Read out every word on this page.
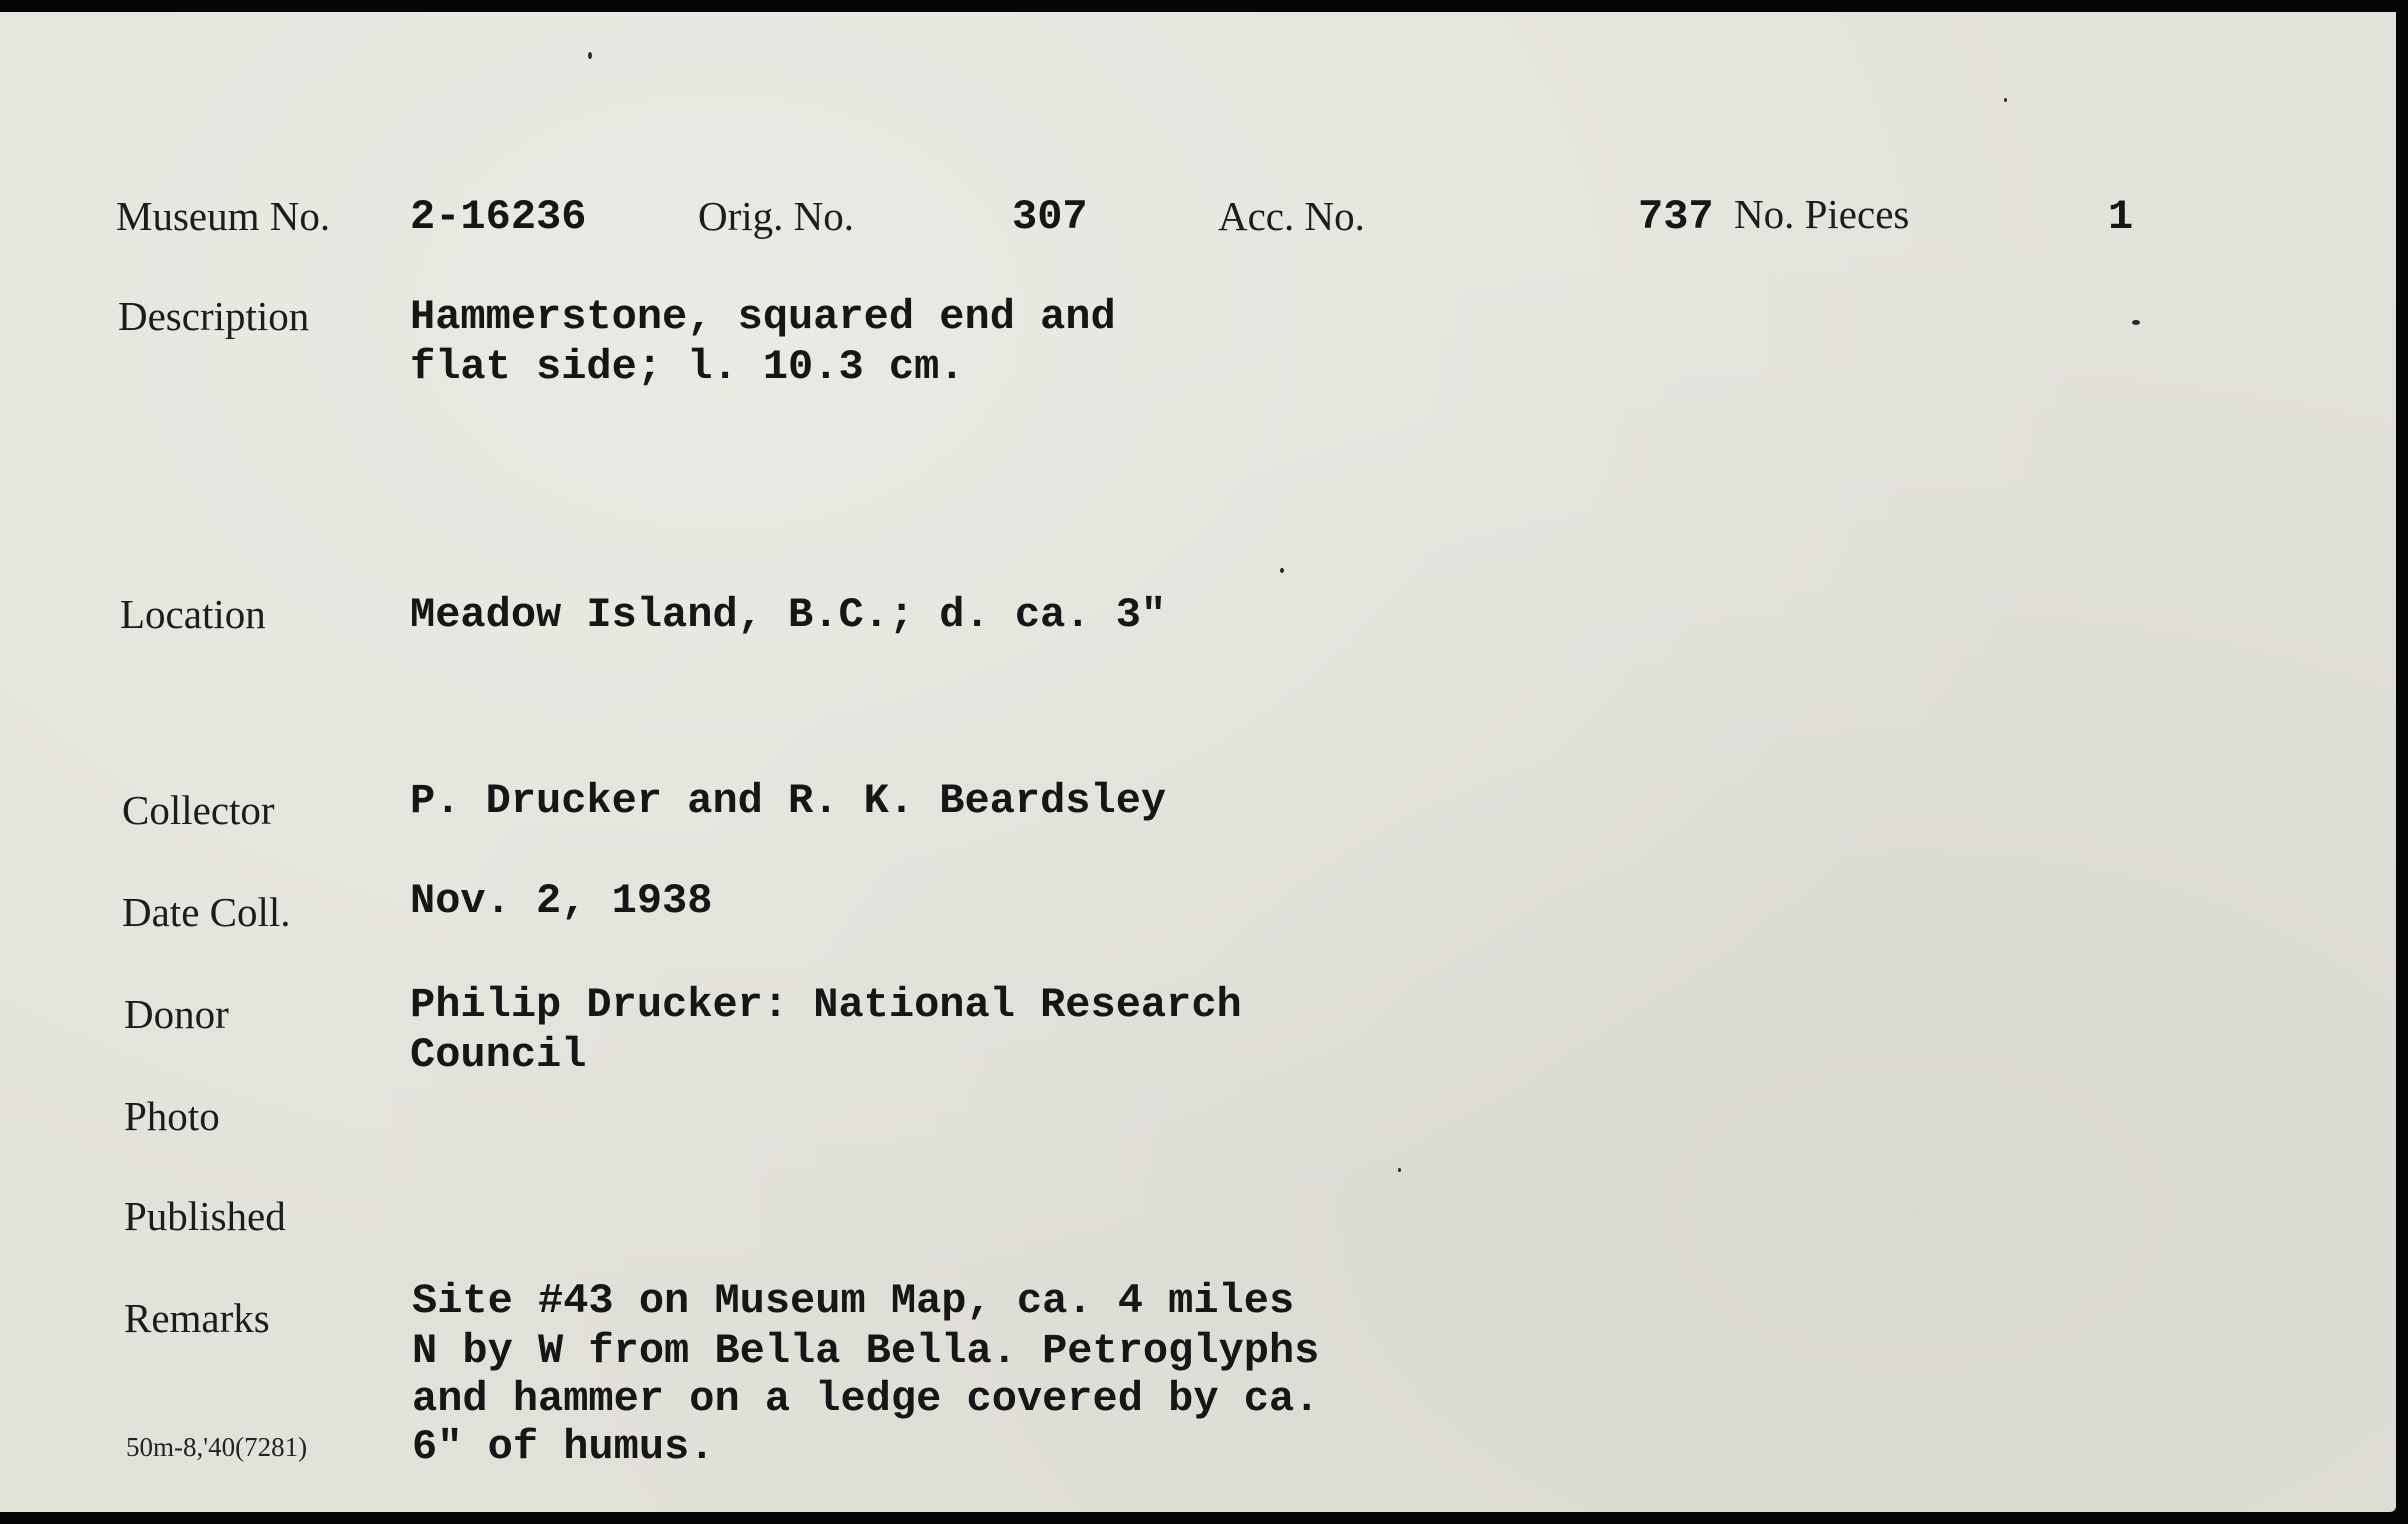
Museum No. 2-16236	Orig. No.	307	Acc. No.	737 No. Pieces	1
Description Hammerstone, squared end and
flat side; l. 10.3 cm.
Location	Meadow Island, B.C.; d. ca. 3"
Collector	P. Drucker and R. K. Beardsley
Date Coll.	Nov. 2, 1938
Donor	Philip Drucker: National Research
Council
Photo
Published
Remarks	Site #43 on Museum Map, ca. 4 miles
N by W from Bella Bella. Petroglyphs
and hammer on a ledge covered by ca.
6" of humus.
50m-8,'40(7281)
